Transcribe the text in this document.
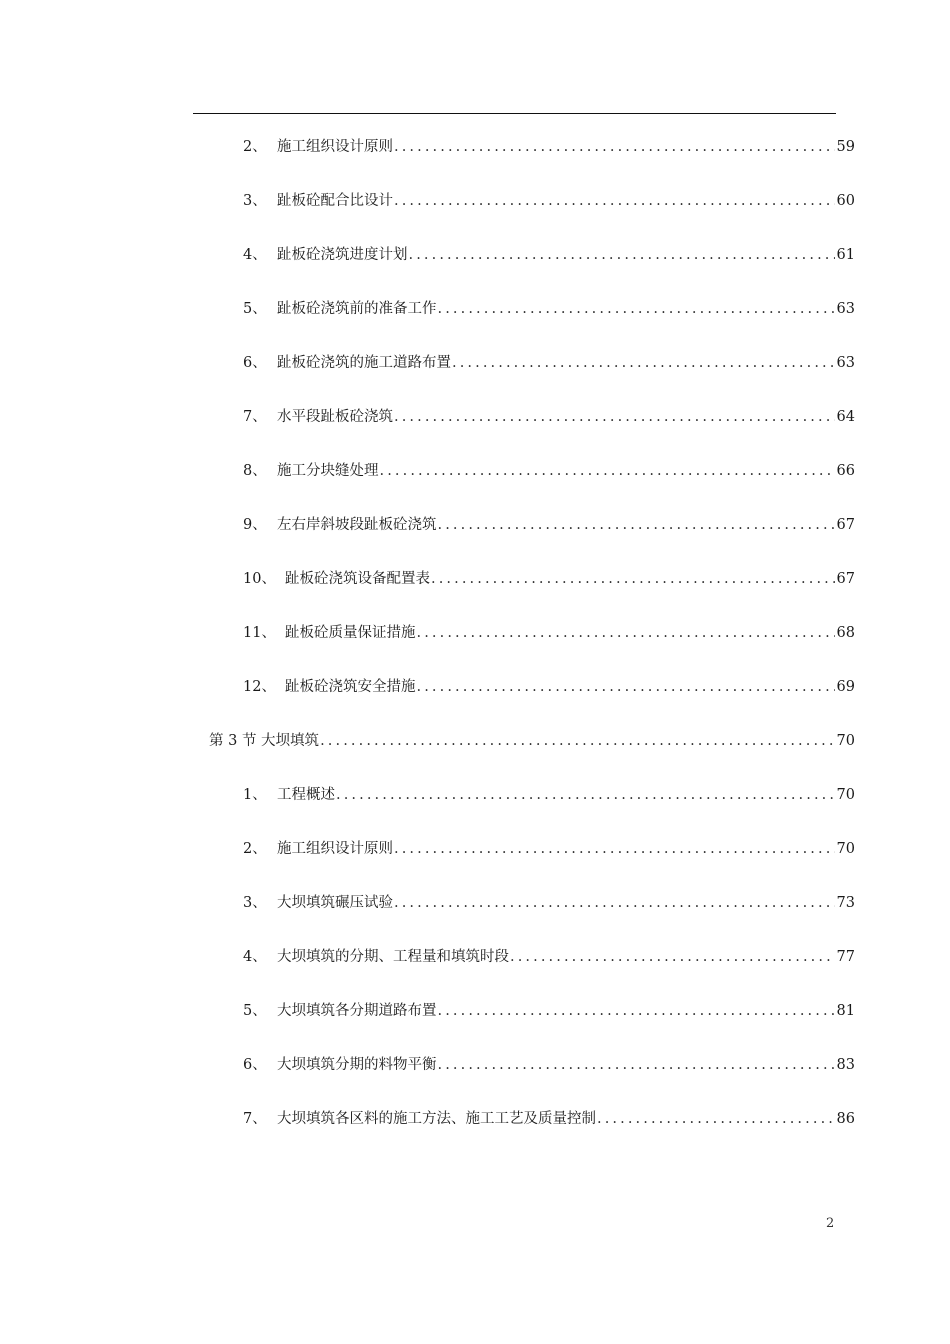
2、 施工组织设计原则 .....	59
3、 趾板砼配合比设计 .....	60
4、 趾板砼浇筑进度计划 .....	61
5、 趾板砼浇筑前的准备工作 .....	63
6、 趾板砼浇筑的施工道路布置 .....	63
7、 水平段趾板砼浇筑 .....	64
8、 施工分块缝处理 .....	66
9、 左右岸斜坡段趾板砼浇筑 .....	67
10、 趾板砼浇筑设备配置表 .....	67
11、 趾板砼质量保证措施 .....	68
12、 趾板砼浇筑安全措施 .....	69
第 3 节 大坝填筑 .....	70
1、 工程概述 .....	70
2、 施工组织设计原则 .....	70
3、 大坝填筑碾压试验 .....	73
4、 大坝填筑的分期、工程量和填筑时段 .....	77
5、 大坝填筑各分期道路布置 .....	81
6、 大坝填筑分期的料物平衡 .....	83
7、 大坝填筑各区料的施工方法、施工工艺及质量控制 .....	86
2
